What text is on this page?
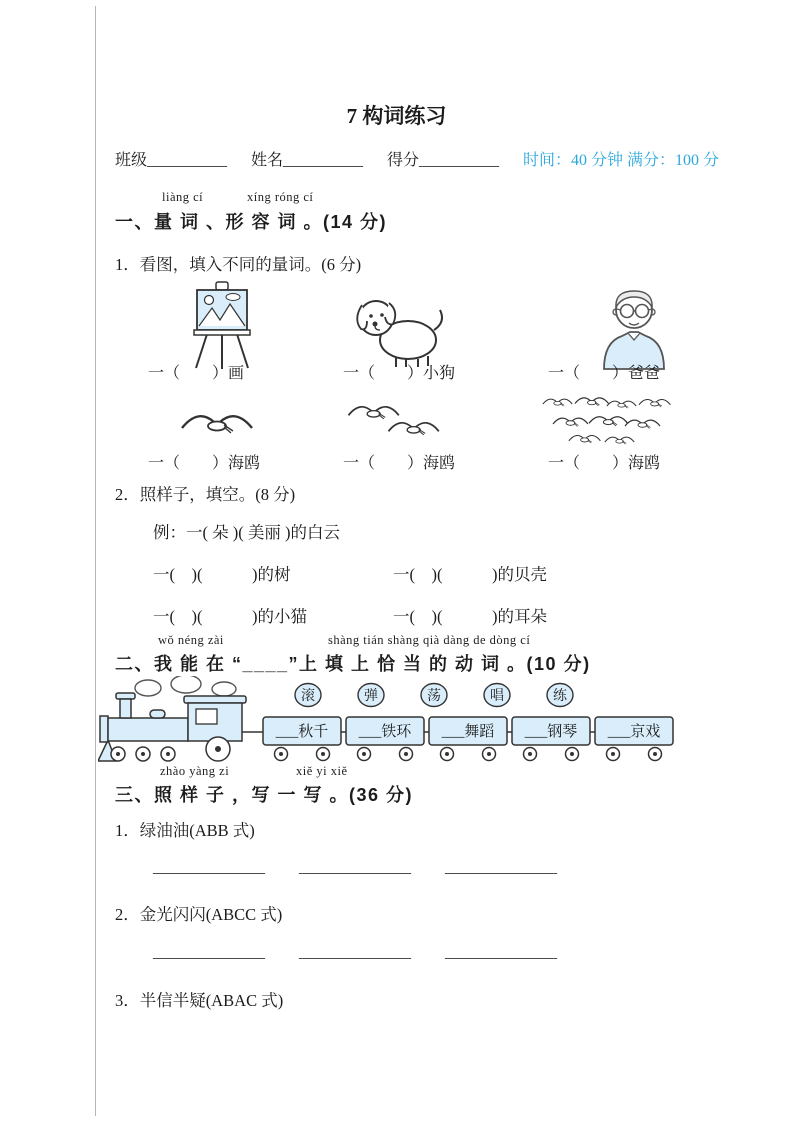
7 构词练习
班级__________ 姓名__________ 得分__________ 时间：40 分钟 满分：100 分
liàng cí	xíng róng cí
一、量 词 、形 容 词 。(14 分)
1．看图，填入不同的量词。(6 分)
一（　　）画	一（　　）小狗	一（　　）爸爸
一（　　）海鸥	一（　　）海鸥	一（　　）海鸥
2．照样子，填空。(8 分)
例：一( 朵 )( 美丽 )的白云
一(　)(　　　)的树	一(　)(　　　)的贝壳
一(　)(　　　)的小猫	一(　)(　　　)的耳朵
wǒ néng zài	shàng tián shàng qià dàng de dòng cí
二、我 能 在 “____”上 填 上 恰 当 的 动 词 。(10 分)
___秋千 ___铁环 ___舞蹈 ___钢琴 ___京戏
滚	弹	荡	唱	练
zhào yàng zi	xiě yi xiě
三、照 样 子 ，写 一 写 。(36 分)
1．绿油油(ABB 式)
______________ ______________ ______________
2．金光闪闪(ABCC 式)
______________ ______________ ______________
3．半信半疑(ABAC 式)
